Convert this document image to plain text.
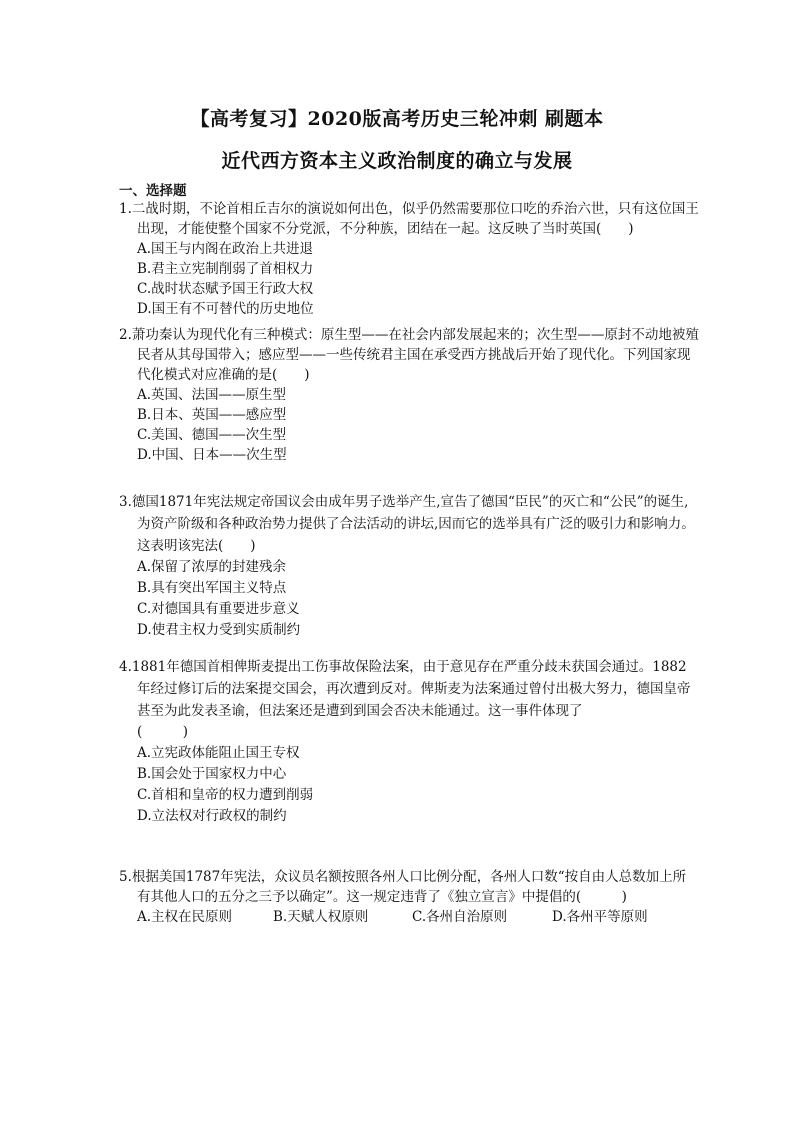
【高考复习】2020版高考历史三轮冲刺 刷题本
近代西方资本主义政治制度的确立与发展
一、选择题

1.二战时期，不论首相丘吉尔的演说如何出色，似乎仍然需要那位口吃的乔治六世，只有这位国王出现，才能使整个国家不分党派，不分种族，团结在一起。这反映了当时英国(　　)

A.国王与内阁在政治上共进退
B.君主立宪制削弱了首相权力
C.战时状态赋予国王行政大权
D.国王有不可替代的历史地位

2.萧功秦认为现代化有三种模式：原生型——在社会内部发展起来的；次生型——原封不动地被殖民者从其母国带入；感应型——一些传统君主国在承受西方挑战后开始了现代化。下列国家现代化模式对应准确的是(　　)

A.英国、法国——原生型
B.日本、英国——感应型
C.美国、德国——次生型
D.中国、日本——次生型

3.德国1871年宪法规定帝国议会由成年男子选举产生,宣告了德国“臣民”的灭亡和“公民”的诞生,为资产阶级和各种政治势力提供了合法活动的讲坛,因而它的选举具有广泛的吸引力和影响力。这表明该宪法(　　)

A.保留了浓厚的封建残余
B.具有突出军国主义特点
C.对德国具有重要进步意义
D.使君主权力受到实质制约

4.1881年德国首相俾斯麦提出工伤事故保险法案，由于意见存在严重分歧未获国会通过。1882年经过修订后的法案提交国会，再次遭到反对。俾斯麦为法案通过曾付出极大努力，德国皇帝甚至为此发表圣谕，但法案还是遭到到国会否决未能通过。这一事件体现了

(　　　)
A.立宪政体能阻止国王专权
B.国会处于国家权力中心
C.首相和皇帝的权力遭到削弱
D.立法权对行政权的制约

5.根据美国1787年宪法，众议员名额按照各州人口比例分配，各州人口数“按自由人总数加上所有其他人口的五分之三予以确定”。这一规定违背了《独立宣言》中提倡的(　　　)

A.主权在民原则	B.天赋人权原则	C.各州自治原则	D.各州平等原则
